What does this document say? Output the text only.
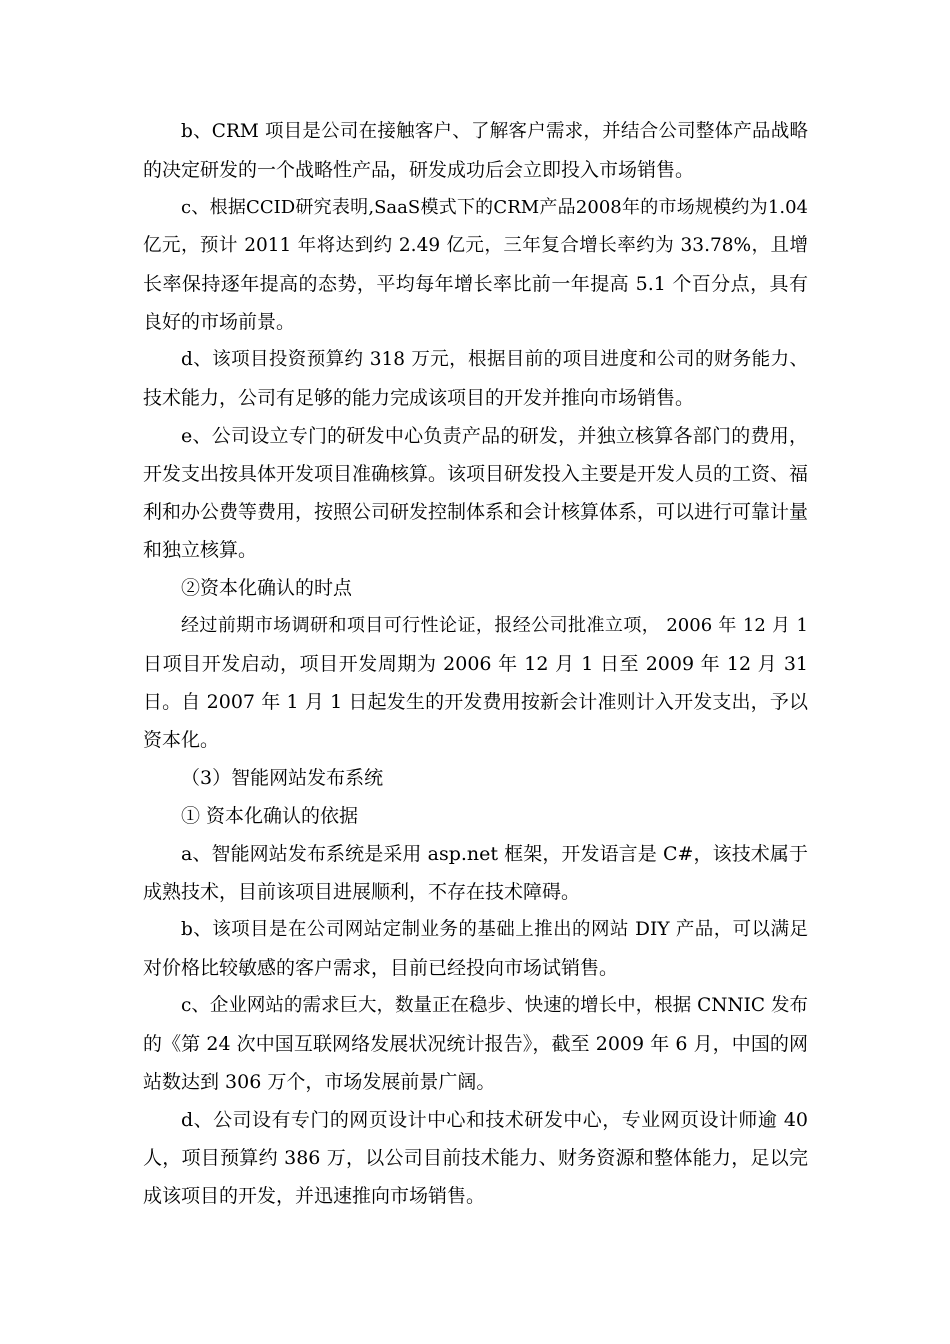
b、CRM 项目是公司在接触客户、了解客户需求，并结合公司整体产品战略
的决定研发的一个战略性产品，研发成功后会立即投入市场销售。
c、根据CCID研究表明,SaaS模式下的CRM产品2008年的市场规模约为1.04
亿元，预计 2011 年将达到约 2.49 亿元，三年复合增长率约为 33.78%，且增
长率保持逐年提高的态势，平均每年增长率比前一年提高 5.1 个百分点，具有
良好的市场前景。
d、该项目投资预算约 318 万元，根据目前的项目进度和公司的财务能力、
技术能力，公司有足够的能力完成该项目的开发并推向市场销售。
e、公司设立专门的研发中心负责产品的研发，并独立核算各部门的费用，
开发支出按具体开发项目准确核算。该项目研发投入主要是开发人员的工资、福
利和办公费等费用，按照公司研发控制体系和会计核算体系，可以进行可靠计量
和独立核算。
②资本化确认的时点
经过前期市场调研和项目可行性论证，报经公司批准立项， 2006 年 12 月 1
日项目开发启动，项目开发周期为 2006 年 12 月 1 日至 2009 年 12 月 31
日。自 2007 年 1 月 1 日起发生的开发费用按新会计准则计入开发支出，予以
资本化。
（3）智能网站发布系统
① 资本化确认的依据
a、智能网站发布系统是采用 asp.net 框架，开发语言是 C#，该技术属于
成熟技术，目前该项目进展顺利，不存在技术障碍。
b、该项目是在公司网站定制业务的基础上推出的网站 DIY 产品，可以满足
对价格比较敏感的客户需求，目前已经投向市场试销售。
c、企业网站的需求巨大，数量正在稳步、快速的增长中，根据 CNNIC 发布
的《第 24 次中国互联网络发展状况统计报告》，截至 2009 年 6 月，中国的网
站数达到 306 万个，市场发展前景广阔。
d、公司设有专门的网页设计中心和技术研发中心，专业网页设计师逾 40
人，项目预算约 386 万，以公司目前技术能力、财务资源和整体能力，足以完
成该项目的开发，并迅速推向市场销售。
